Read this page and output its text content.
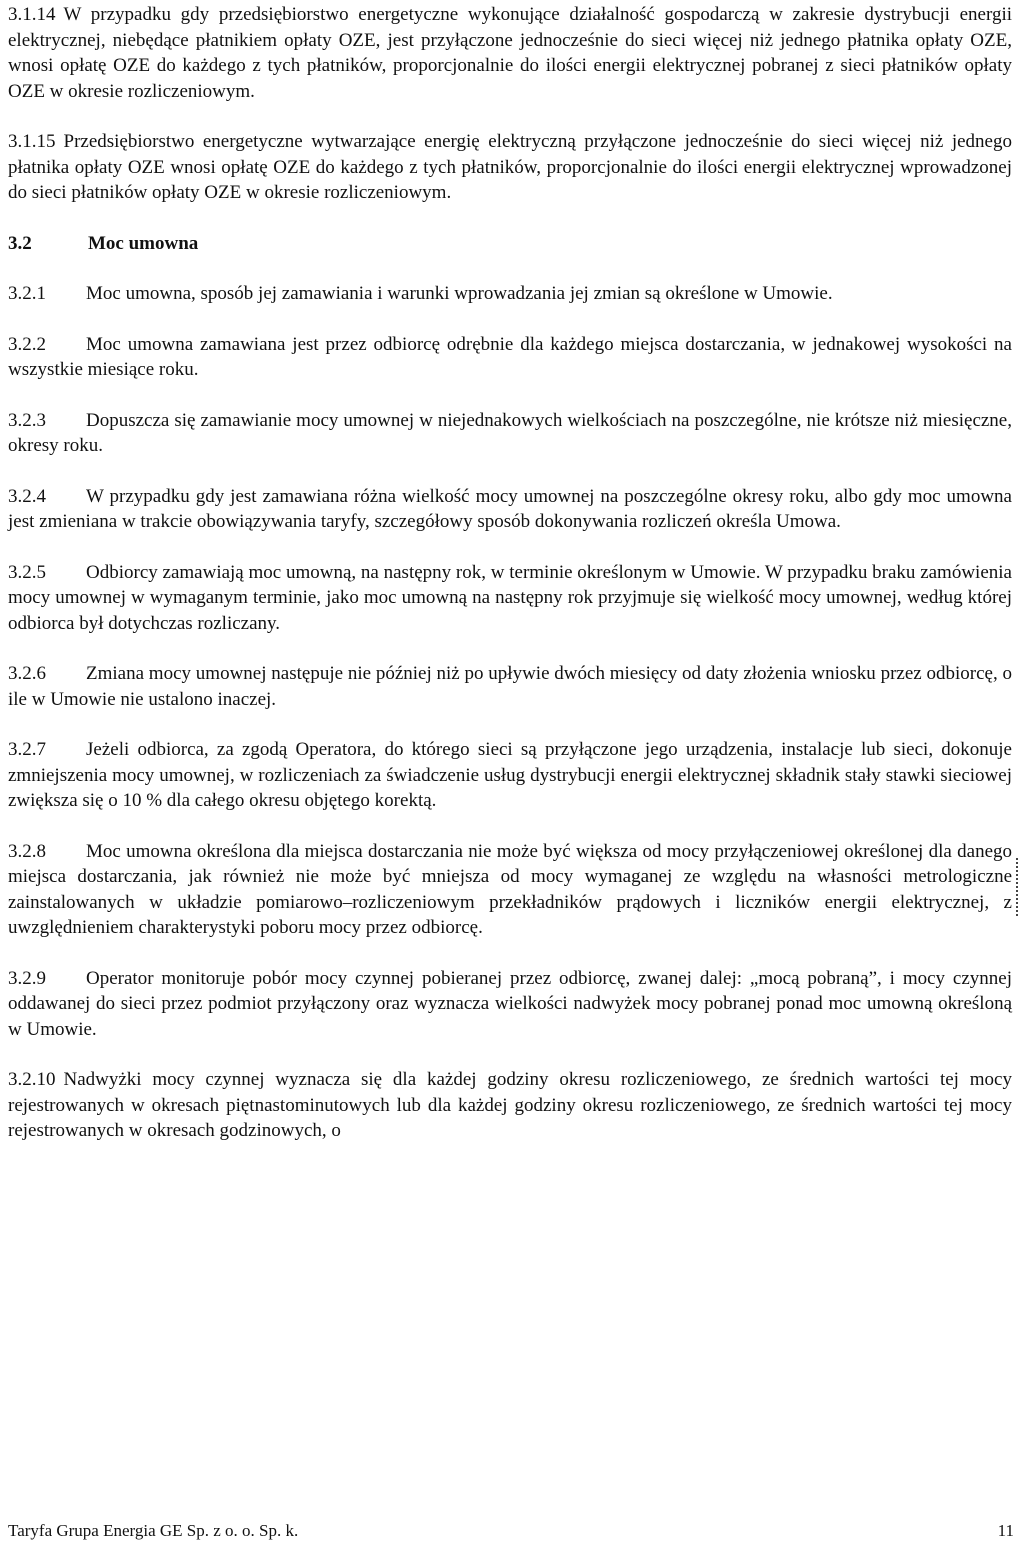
3.1.14 W przypadku gdy przedsiębiorstwo energetyczne wykonujące działalność gospodarczą w zakresie dystrybucji energii elektrycznej, niebędące płatnikiem opłaty OZE, jest przyłączone jednocześnie do sieci więcej niż jednego płatnika opłaty OZE, wnosi opłatę OZE do każdego z tych płatników, proporcjonalnie do ilości energii elektrycznej pobranej z sieci płatników opłaty OZE w okresie rozliczeniowym.

3.1.15 Przedsiębiorstwo energetyczne wytwarzające energię elektryczną przyłączone jednocześnie do sieci więcej niż jednego płatnika opłaty OZE wnosi opłatę OZE do każdego z tych płatników, proporcjonalnie do ilości energii elektrycznej wprowadzonej do sieci płatników opłaty OZE w okresie rozliczeniowym.

3.2	Moc umowna

3.2.1 Moc umowna, sposób jej zamawiania i warunki wprowadzania jej zmian są określone w Umowie.

3.2.2 Moc umowna zamawiana jest przez odbiorcę odrębnie dla każdego miejsca dostarczania, w jednakowej wysokości na wszystkie miesiące roku.

3.2.3 Dopuszcza się zamawianie mocy umownej w niejednakowych wielkościach na poszczególne, nie krótsze niż miesięczne, okresy roku.

3.2.4 W przypadku gdy jest zamawiana różna wielkość mocy umownej na poszczególne okresy roku, albo gdy moc umowna jest zmieniana w trakcie obowiązywania taryfy, szczegółowy sposób dokonywania rozliczeń określa Umowa.

3.2.5 Odbiorcy zamawiają moc umowną, na następny rok, w terminie określonym w Umowie. W przypadku braku zamówienia mocy umownej w wymaganym terminie, jako moc umowną na następny rok przyjmuje się wielkość mocy umownej, według której odbiorca był dotychczas rozliczany.

3.2.6 Zmiana mocy umownej następuje nie później niż po upływie dwóch miesięcy od daty złożenia wniosku przez odbiorcę, o ile w Umowie nie ustalono inaczej.

3.2.7 Jeżeli odbiorca, za zgodą Operatora, do którego sieci są przyłączone jego urządzenia, instalacje lub sieci, dokonuje zmniejszenia mocy umownej, w rozliczeniach za świadczenie usług dystrybucji energii elektrycznej składnik stały stawki sieciowej zwiększa się o 10 % dla całego okresu objętego korektą.

3.2.8 Moc umowna określona dla miejsca dostarczania nie może być większa od mocy przyłączeniowej określonej dla danego miejsca dostarczania, jak również nie może być mniejsza od mocy wymaganej ze względu na własności metrologiczne zainstalowanych w układzie pomiarowo–rozliczeniowym przekładników prądowych i liczników energii elektrycznej, z uwzględnieniem charakterystyki poboru mocy przez odbiorcę.

3.2.9 Operator monitoruje pobór mocy czynnej pobieranej przez odbiorcę, zwanej dalej: „mocą pobraną”, i mocy czynnej oddawanej do sieci przez podmiot przyłączony oraz wyznacza wielkości nadwyżek mocy pobranej ponad moc umowną określoną w Umowie.

3.2.10 Nadwyżki mocy czynnej wyznacza się dla każdej godziny okresu rozliczeniowego, ze średnich wartości tej mocy rejestrowanych w okresach piętnastominutowych lub dla każdej godziny okresu rozliczeniowego, ze średnich wartości tej mocy rejestrowanych w okresach godzinowych, o

Taryfa Grupa Energia GE Sp. z o. o. Sp. k.	11
